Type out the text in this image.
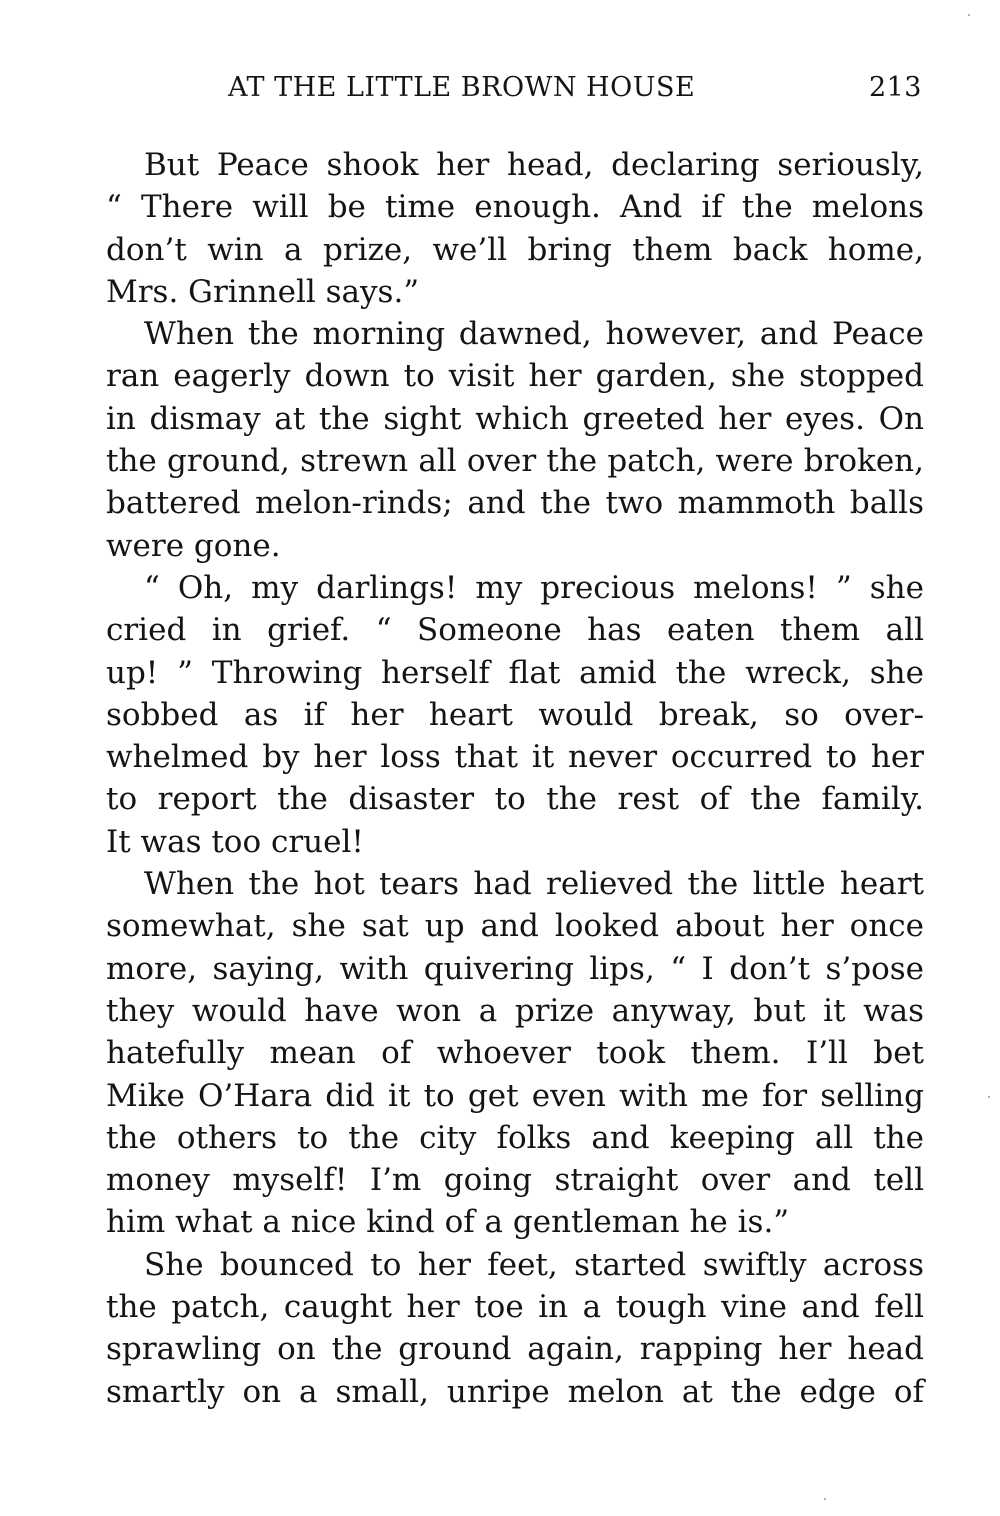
AT THE LITTLE BROWN HOUSE	213
But Peace shook her head, declaring seriously,
“ There will be time enough. And if the melons
don’t win a prize, we’ll bring them back home,
Mrs. Grinnell says.”
When the morning dawned, however, and Peace
ran eagerly down to visit her garden, she stopped
in dismay at the sight which greeted her eyes. On
the ground, strewn all over the patch, were broken,
battered melon-rinds; and the two mammoth balls
were gone.
“ Oh, my darlings! my precious melons! ” she
cried in grief. “ Someone has eaten them all
up! ” Throwing herself flat amid the wreck, she
sobbed as if her heart would break, so over-
whelmed by her loss that it never occurred to her
to report the disaster to the rest of the family.
It was too cruel!
When the hot tears had relieved the little heart
somewhat, she sat up and looked about her once
more, saying, with quivering lips, “ I don’t s’pose
they would have won a prize anyway, but it was
hatefully mean of whoever took them. I’ll bet
Mike O’Hara did it to get even with me for selling
the others to the city folks and keeping all the
money myself! I’m going straight over and tell
him what a nice kind of a gentleman he is.”
She bounced to her feet, started swiftly across
the patch, caught her toe in a tough vine and fell
sprawling on the ground again, rapping her head
smartly on a small, unripe melon at the edge of
